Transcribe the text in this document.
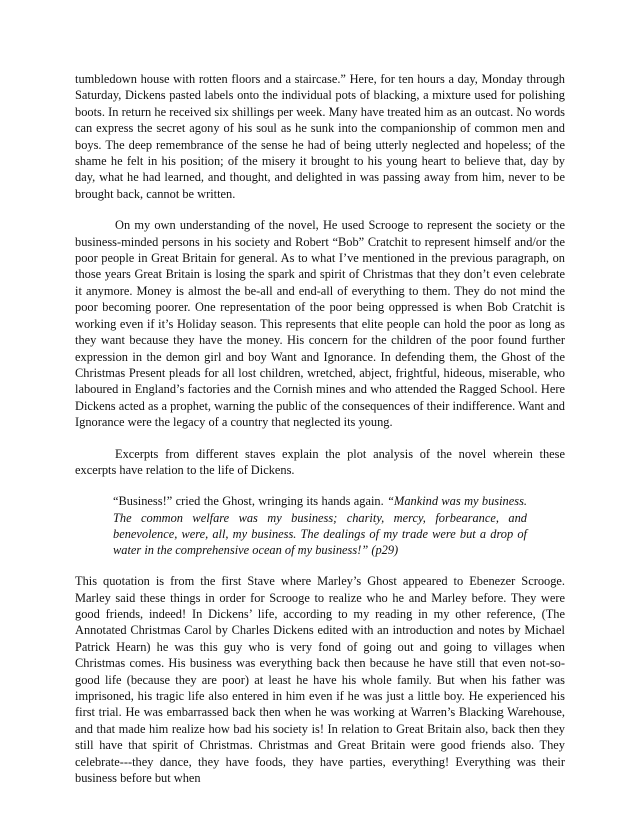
tumbledown house with rotten floors and a staircase.” Here, for ten hours a day, Monday through Saturday, Dickens pasted labels onto the individual pots of blacking, a mixture used for polishing boots. In return he received six shillings per week. Many have treated him as an outcast. No words can express the secret agony of his soul as he sunk into the companionship of common men and boys. The deep remembrance of the sense he had of being utterly neglected and hopeless; of the shame he felt in his position; of the misery it brought to his young heart to believe that, day by day, what he had learned, and thought, and delighted in was passing away from him, never to be brought back, cannot be written.

On my own understanding of the novel, He used Scrooge to represent the society or the business-minded persons in his society and Robert “Bob” Cratchit to represent himself and/or the poor people in Great Britain for general. As to what I’ve mentioned in the previous paragraph, on those years Great Britain is losing the spark and spirit of Christmas that they don’t even celebrate it anymore. Money is almost the be-all and end-all of everything to them. They do not mind the poor becoming poorer. One representation of the poor being oppressed is when Bob Cratchit is working even if it’s Holiday season. This represents that elite people can hold the poor as long as they want because they have the money. His concern for the children of the poor found further expression in the demon girl and boy Want and Ignorance. In defending them, the Ghost of the Christmas Present pleads for all lost children, wretched, abject, frightful, hideous, miserable, who laboured in England’s factories and the Cornish mines and who attended the Ragged School. Here Dickens acted as a prophet, warning the public of the consequences of their indifference. Want and Ignorance were the legacy of a country that neglected its young.

Excerpts from different staves explain the plot analysis of the novel wherein these excerpts have relation to the life of Dickens.

“Business!” cried the Ghost, wringing its hands again. “Mankind was my business. The common welfare was my business; charity, mercy, forbearance, and benevolence, were, all, my business. The dealings of my trade were but a drop of water in the comprehensive ocean of my business!” (p29)

This quotation is from the first Stave where Marley’s Ghost appeared to Ebenezer Scrooge. Marley said these things in order for Scrooge to realize who he and Marley before. They were good friends, indeed! In Dickens’ life, according to my reading in my other reference, (The Annotated Christmas Carol by Charles Dickens edited with an introduction and notes by Michael Patrick Hearn) he was this guy who is very fond of going out and going to villages when Christmas comes. His business was everything back then because he have still that even not-so-good life (because they are poor) at least he have his whole family. But when his father was imprisoned, his tragic life also entered in him even if he was just a little boy. He experienced his first trial. He was embarrassed back then when he was working at Warren’s Blacking Warehouse, and that made him realize how bad his society is! In relation to Great Britain also, back then they still have that spirit of Christmas. Christmas and Great Britain were good friends also. They celebrate---they dance, they have foods, they have parties, everything! Everything was their business before but when
